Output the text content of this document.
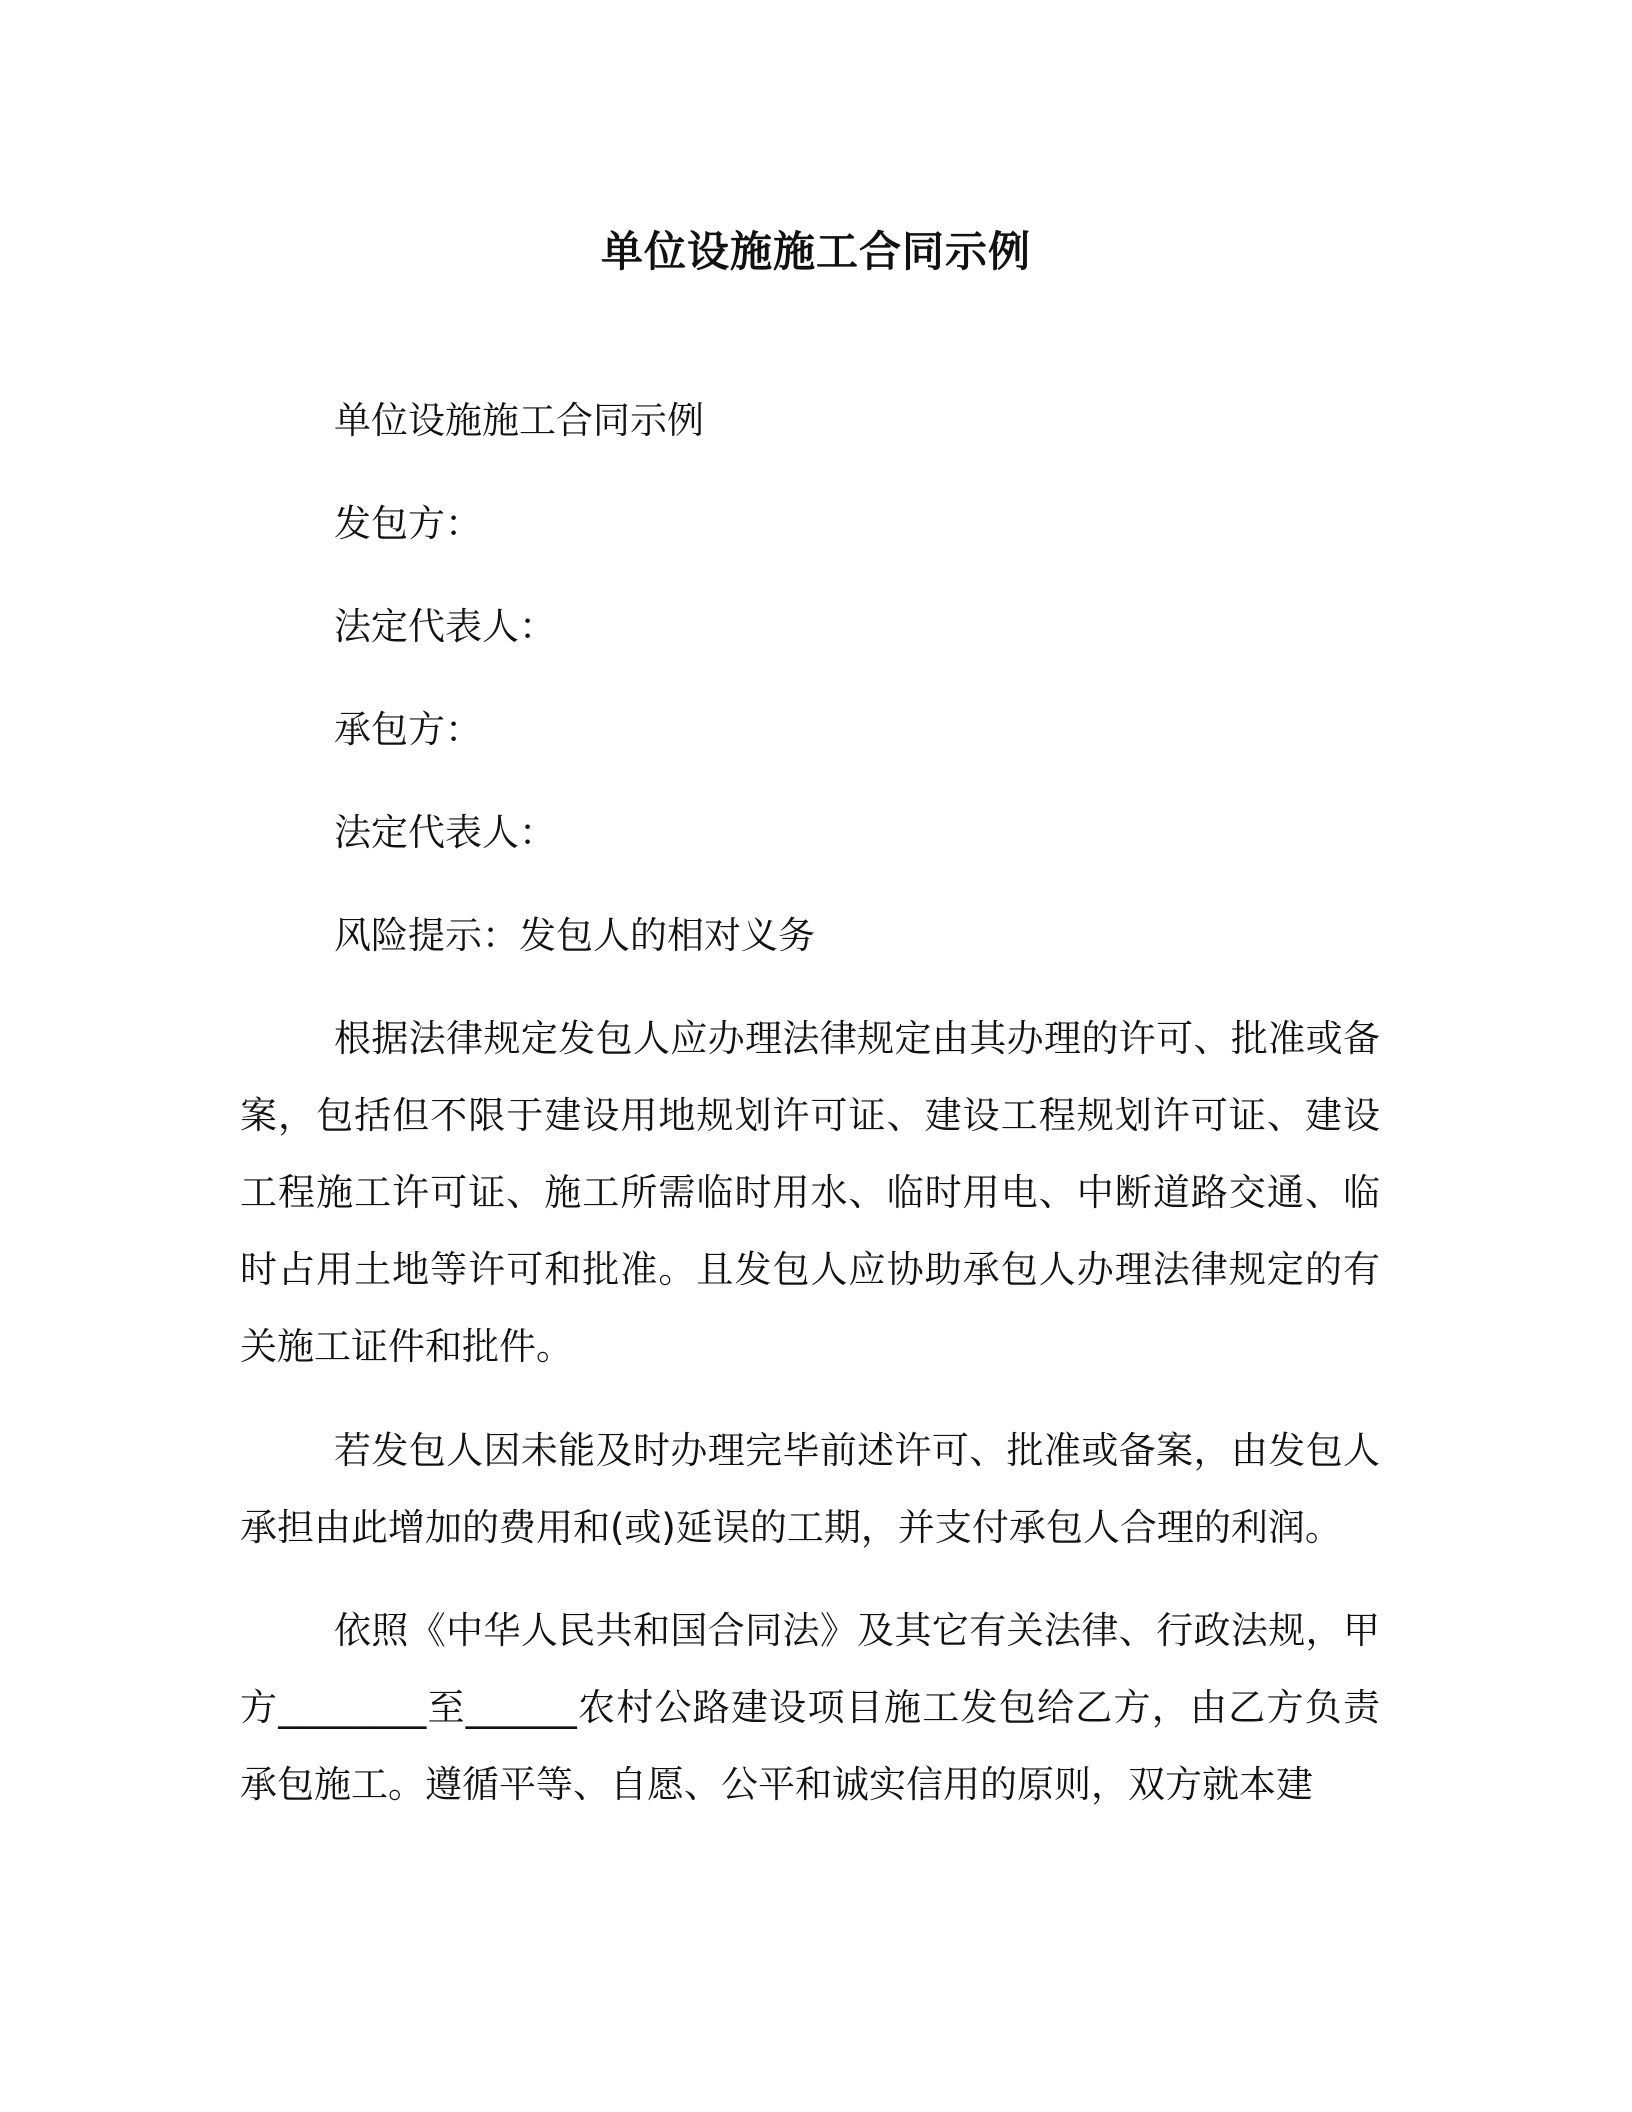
单位设施施工合同示例
单位设施施工合同示例
发包方：
法定代表人：
承包方：
法定代表人：
风险提示：发包人的相对义务

根据法律规定发包人应办理法律规定由其办理的许可、批准或备案，包括但不限于建设用地规划许可证、建设工程规划许可证、建设工程施工许可证、施工所需临时用水、临时用电、中断道路交通、临时占用土地等许可和批准。且发包人应协助承包人办理法律规定的有关施工证件和批件。

若发包人因未能及时办理完毕前述许可、批准或备案，由发包人承担由此增加的费用和(或)延误的工期，并支付承包人合理的利润。

依照《中华人民共和国合同法》及其它有关法律、行政法规，甲方________至______农村公路建设项目施工发包给乙方，由乙方负责承包施工。遵循平等、自愿、公平和诚实信用的原则，双方就本建
